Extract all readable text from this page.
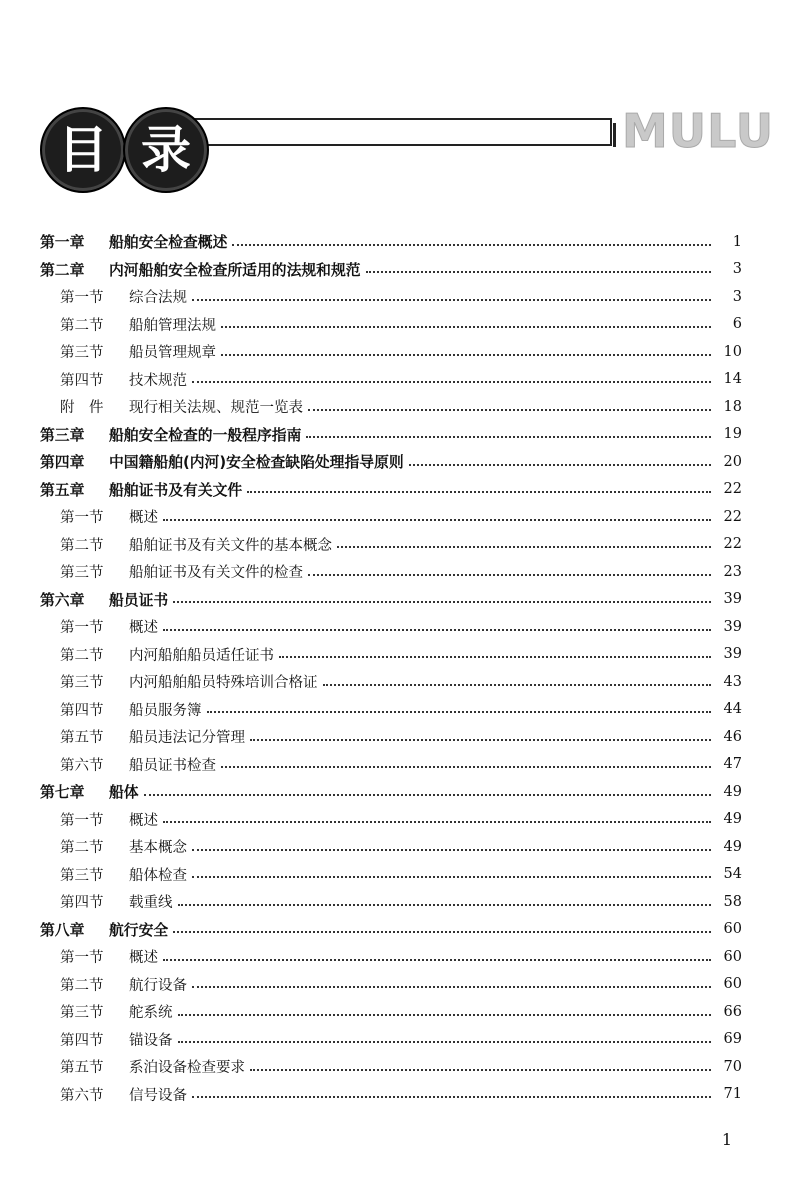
目 录	MULU
第一章	船舶安全检查概述	1
第二章	内河船舶安全检查所适用的法规和规范	3
第一节	综合法规	3
第二节	船舶管理法规	6
第三节	船员管理规章	10
第四节	技术规范	14
附　件	现行相关法规、规范一览表	18
第三章	船舶安全检查的一般程序指南	19
第四章	中国籍船舶(内河)安全检查缺陷处理指导原则	20
第五章	船舶证书及有关文件	22
第一节	概述	22
第二节	船舶证书及有关文件的基本概念	22
第三节	船舶证书及有关文件的检查	23
第六章	船员证书	39
第一节	概述	39
第二节	内河船舶船员适任证书	39
第三节	内河船舶船员特殊培训合格证	43
第四节	船员服务簿	44
第五节	船员违法记分管理	46
第六节	船员证书检查	47
第七章	船体	49
第一节	概述	49
第二节	基本概念	49
第三节	船体检查	54
第四节	载重线	58
第八章	航行安全	60
第一节	概述	60
第二节	航行设备	60
第三节	舵系统	66
第四节	锚设备	69
第五节	系泊设备检查要求	70
第六节	信号设备	71
1
